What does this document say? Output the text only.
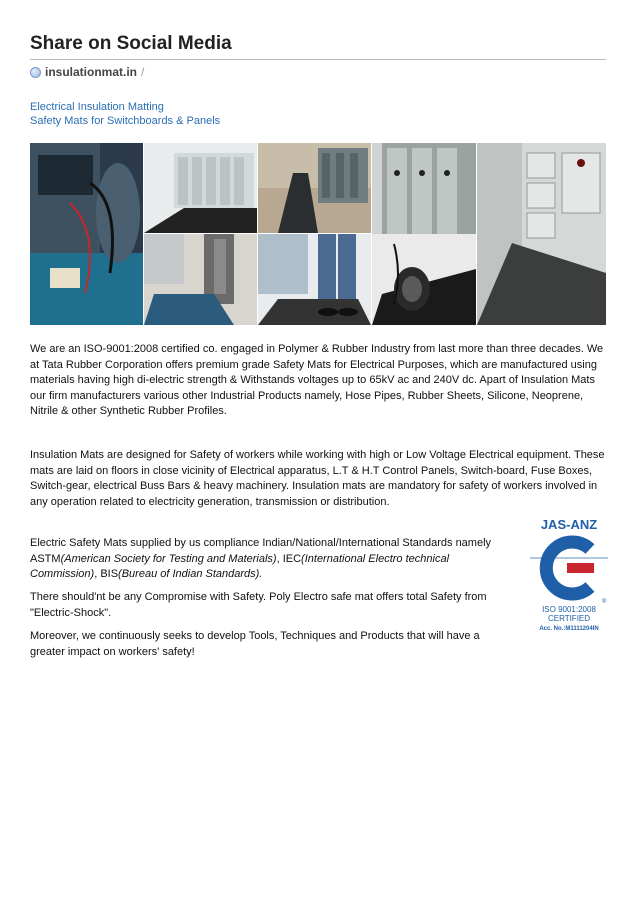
Share on Social Media
insulationmat.in /
Electrical Insulation Matting
Safety Mats for Switchboards & Panels

We are an ISO-9001:2008 certified co. engaged in Polymer & Rubber Industry from last more than three decades. We at Tata Rubber Corporation offers premium grade Safety Mats for Electrical Purposes, which are manufactured using materials having high di-electric strength & Withstands voltages up to 65kV ac and 240V dc. Apart of Insulation Mats our firm manufacturers various other Industrial Products namely, Hose Pipes, Rubber Sheets, Silicone, Neoprene, Nitrile & other Synthetic Rubber Profiles.

Insulation Mats are designed for Safety of workers while working with high or Low Voltage Electrical equipment. These mats are laid on floors in close vicinity of Electrical apparatus, L.T & H.T Control Panels, Switch-board, Fuse Boxes, Switch-gear, electrical Buss Bars & heavy machinery. Insulation mats are mandatory for safety of workers involved in any operation related to electricity generation, transmission or distribution.

Electric Safety Mats supplied by us compliance Indian/National/International Standards namely ASTM(American Society for Testing and Materials), IEC(International Electro technical Commission), BIS(Bureau of Indian Standards).

There should'nt be any Compromise with Safety. Poly Electro safe mat offers total Safety from "Electric-Shock".

Moreover, we continuously seeks to develop Tools, Techniques and Products that will have a greater impact on workers' safety!

JAS-ANZ
®
ISO 9001:2008
CERTIFIED
Acc. No.:M1111204IN
